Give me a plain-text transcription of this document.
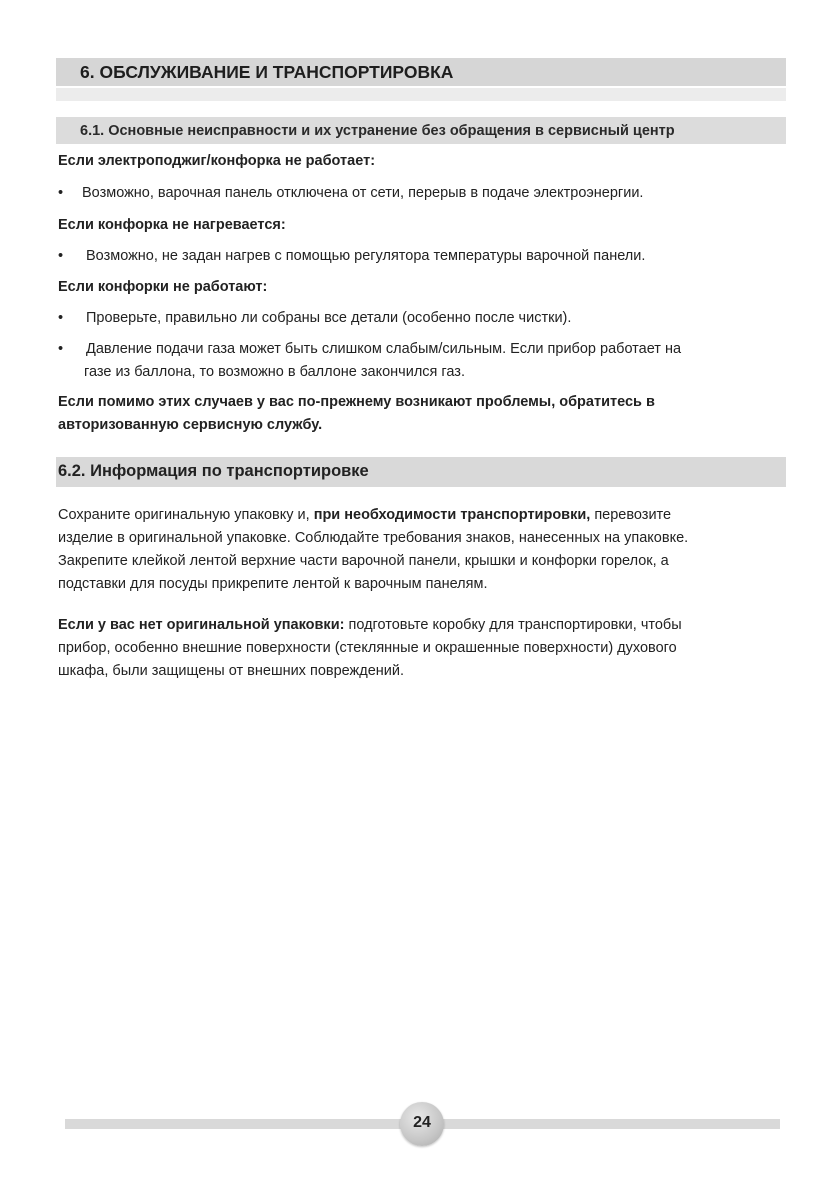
6. ОБСЛУЖИВАНИЕ И ТРАНСПОРТИРОВКА
6.1. Основные неисправности и их устранение без обращения в сервисный центр
Если электроподжиг/конфорка не работает:
• Возможно, варочная панель отключена от сети, перерыв в подаче электроэнергии.
Если конфорка не нагревается:
• Возможно, не задан нагрев с помощью регулятора температуры варочной панели.
Если конфорки не работают:
• Проверьте, правильно ли собраны все детали (особенно после чистки).
• Давление подачи газа может быть слишком слабым/сильным. Если прибор работает на
газе из баллона, то возможно в баллоне закончился газ.
Если помимо этих случаев у вас по-прежнему возникают проблемы, обратитесь в
авторизованную сервисную службу.
6.2. Информация по транспортировке
Сохраните оригинальную упаковку и, при необходимости транспортировки, перевозите
изделие в оригинальной упаковке. Соблюдайте требования знаков, нанесенных на упаковке.
Закрепите клейкой лентой верхние части варочной панели, крышки и конфорки горелок, а
подставки для посуды прикрепите лентой к варочным панелям.
Если у вас нет оригинальной упаковки: подготовьте коробку для транспортировки, чтобы
прибор, особенно внешние поверхности (стеклянные и окрашенные поверхности) духового
шкафа, были защищены от внешних повреждений.
24
